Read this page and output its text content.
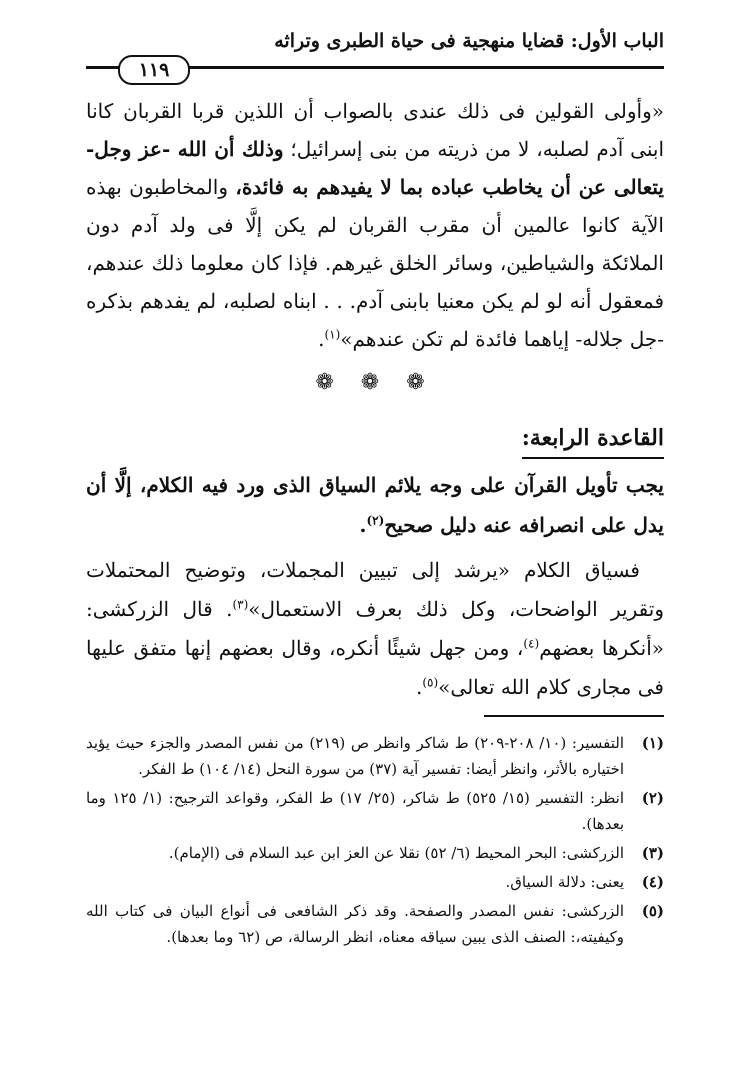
الباب الأول: قضايا منهجية فى حياة الطبرى وتراثه
١١٩

«وأولى القولين فى ذلك عندى بالصواب أن اللذين قربا القربان كانا ابنى آدم لصلبه، لا من ذريته من بنى إسرائيل؛ وذلك أن الله -عز وجل- يتعالى عن أن يخاطب عباده بما لا يفيدهم به فائدة، والمخاطبون بهذه الآية كانوا عالمين أن مقرب القربان لم يكن إلَّا فى ولد آدم دون الملائكة والشياطين، وسائر الخلق غيرهم. فإذا كان معلوما ذلك عندهم، فمعقول أنه لو لم يكن معنيا بابنى آدم. . . ابناه لصلبه، لم يفدهم بذكره -جل جلاله- إياهما فائدة لم تكن عندهم»$^{(١)}$.

❁ ❁ ❁
القاعدة الرابعة:

يجب تأويل القرآن على وجه يلائم السياق الذى ورد فيه الكلام، إلَّا أن يدل على انصرافه عنه دليل صحيح$^{(٢)}$.

فسياق الكلام «يرشد إلى تبيين المجملات، وتوضيح المحتملات وتقرير الواضحات، وكل ذلك بعرف الاستعمال»$^{(٣)}$. قال الزركشى: «أنكرها بعضهم$^{(٤)}$، ومن جهل شيئًا أنكره، وقال بعضهم إنها متفق عليها فى مجارى كلام الله تعالى»$^{(٥)}$.

(١)
التفسير: (١٠/ ٢٠٨-٢٠٩) ط شاكر وانظر ص (٢١٩) من نفس المصدر والجزء حيث يؤيد اختياره بالأثر، وانظر أيضا: تفسير آية (٣٧) من سورة النحل (١٤/ ١٠٤) ط الفكر.
(٢)
انظر: التفسير (١٥/ ٥٢٥) ط شاكر، (٢٥/ ١٧) ط الفكر، وقواعد الترجيح: (١/ ١٢٥ وما بعدها).
(٣)
الزركشى: البحر المحيط (٦/ ٥٢) نقلا عن العز ابن عبد السلام فى (الإمام).
(٤)
يعنى: دلالة السياق.
(٥)
الزركشى: نفس المصدر والصفحة. وقد ذكر الشافعى فى أنواع البيان فى كتاب الله وكيفيته،: الصنف الذى يبين سياقه معناه، انظر الرسالة، ص (٦٢ وما بعدها).
